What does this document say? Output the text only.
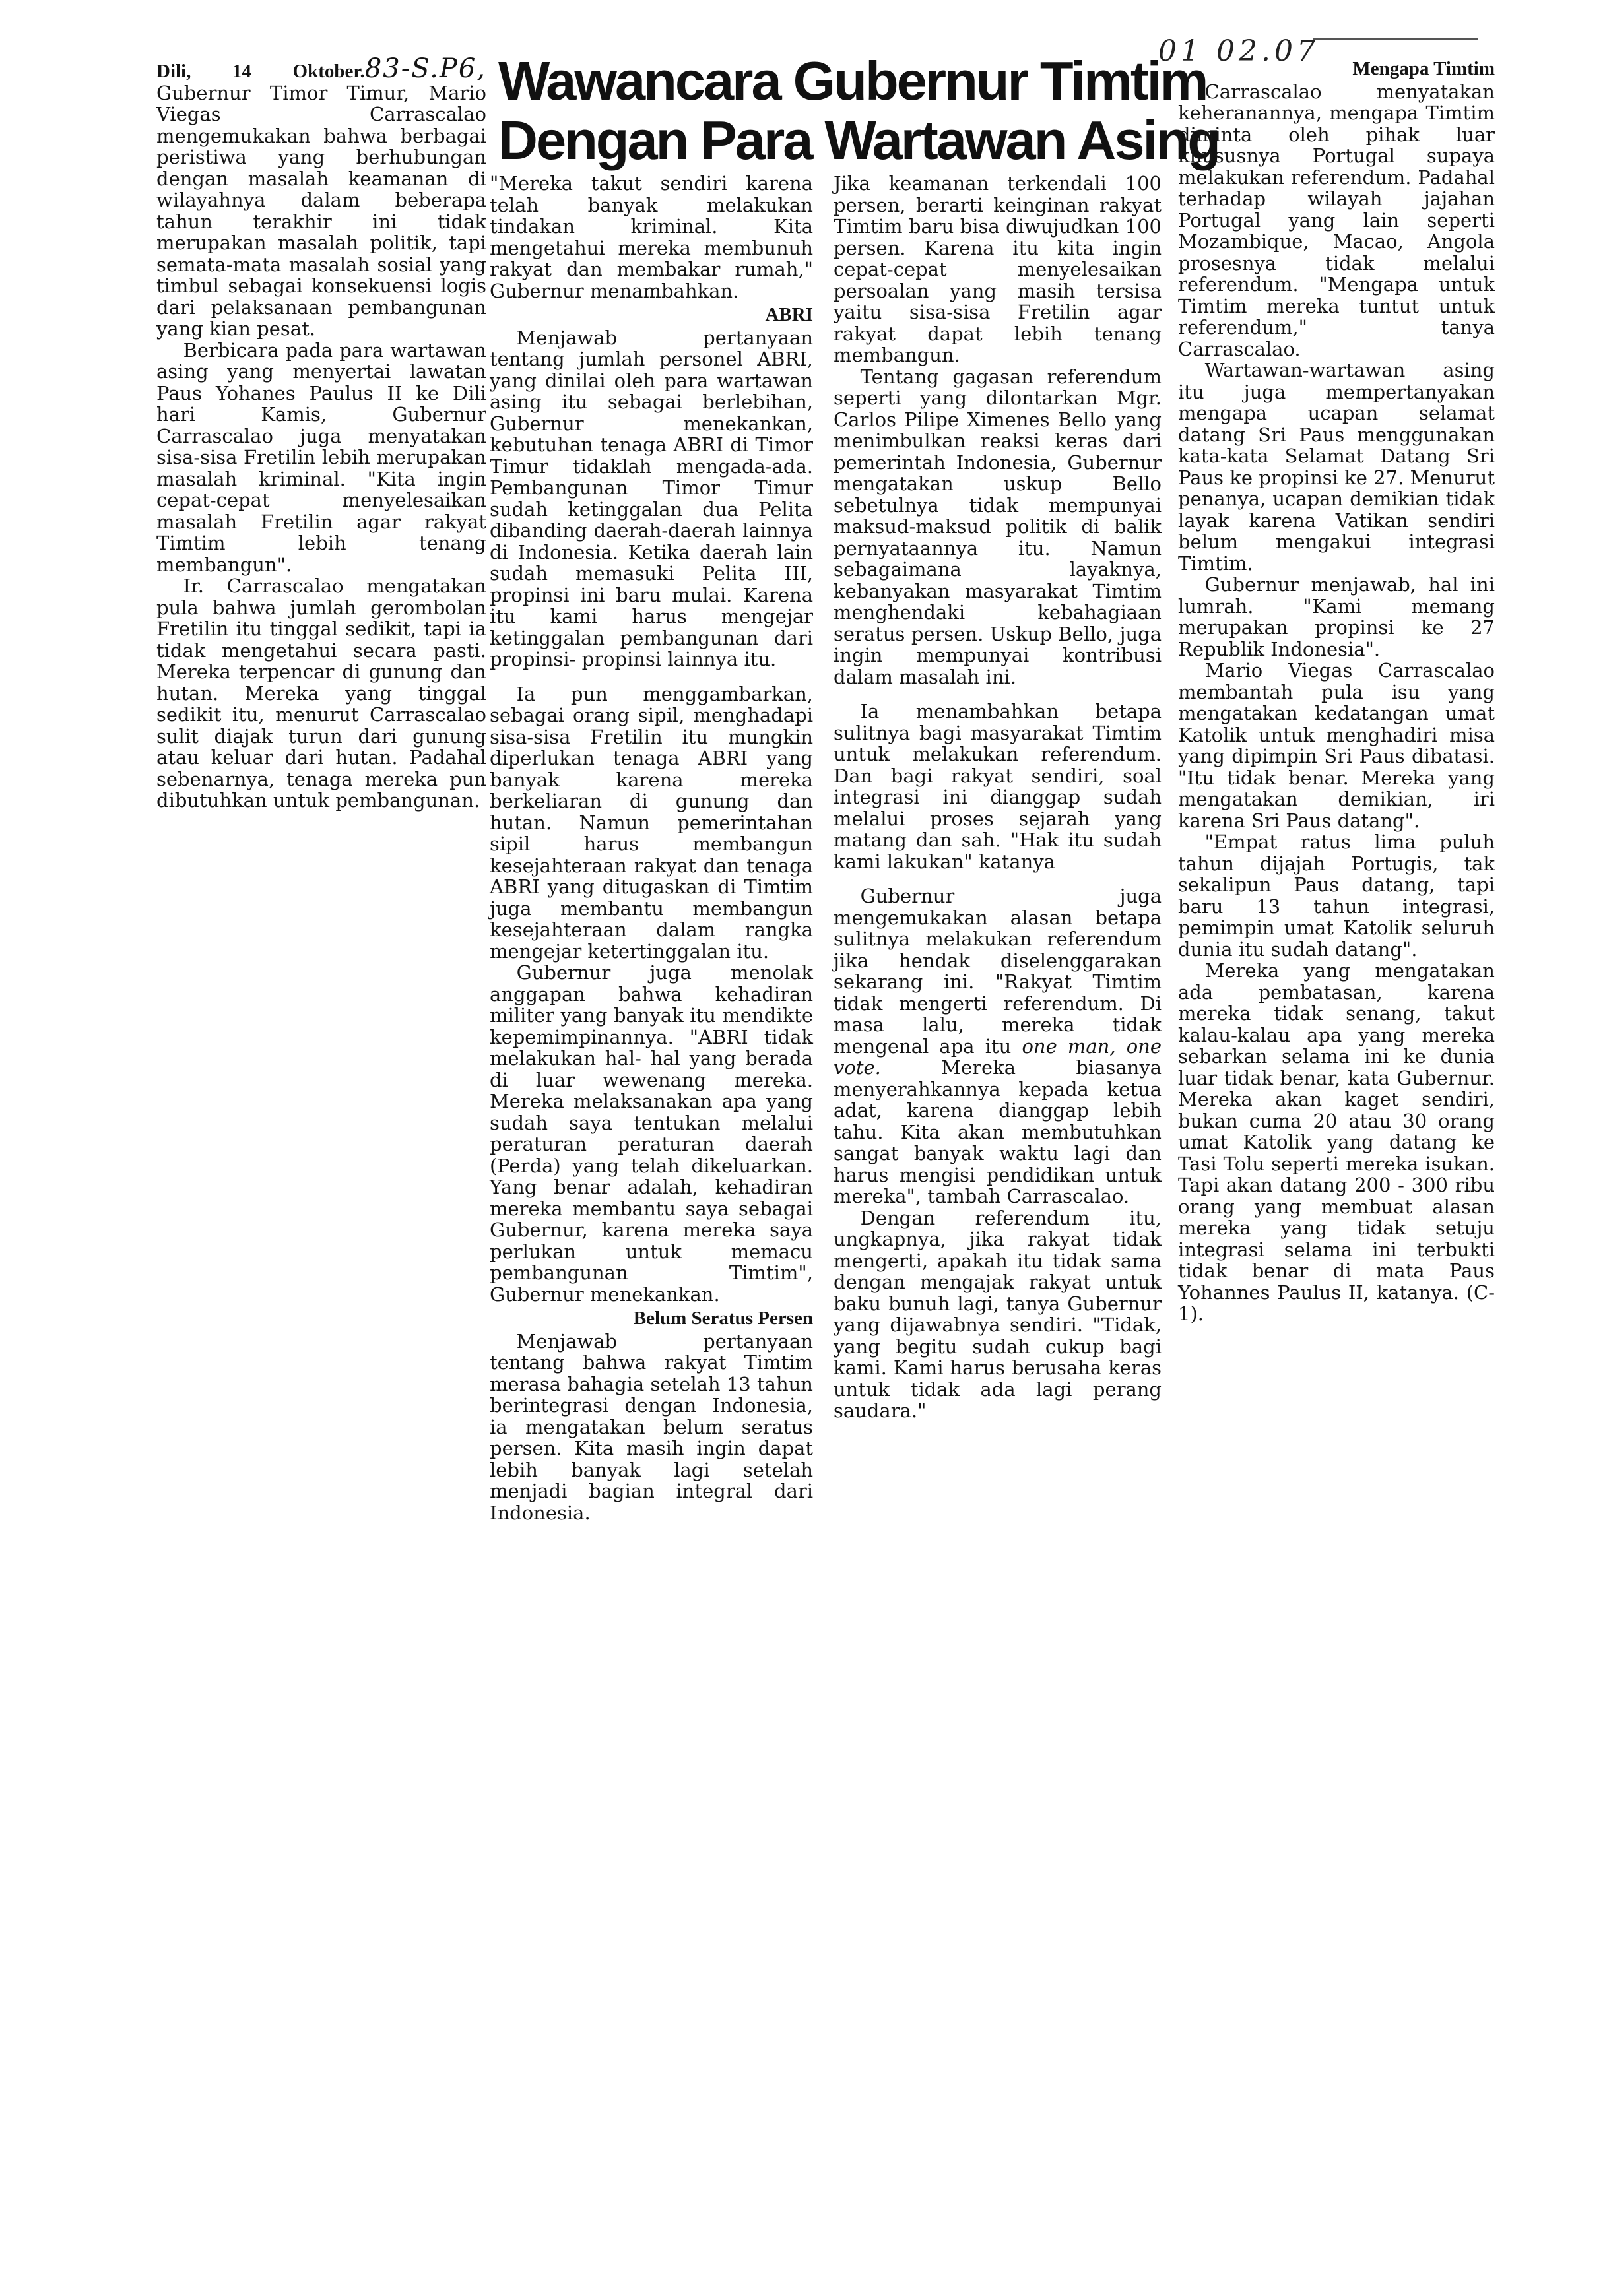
01 02.07
Wawancara Gubernur Timtim
Dengan Para Wartawan Asing

Dili, 14 Oktober.83-S.P6, Gubernur Timor Timur, Mario Viegas Carrascalao mengemukakan bahwa berbagai peristiwa yang berhubungan dengan masalah keamanan di wilayahnya dalam beberapa tahun terakhir ini tidak merupakan masalah politik, tapi semata-mata masalah sosial yang timbul sebagai konsekuensi logis dari pelaksanaan pembangunan yang kian pesat.

Berbicara pada para wartawan asing yang menyertai lawatan Paus Yohanes Paulus II ke Dili hari Kamis, Gubernur Carrascalao juga menyatakan sisa-sisa Fretilin lebih merupakan masalah kriminal. "Kita ingin cepat-cepat menyelesaikan masalah Fretilin agar rakyat Timtim lebih tenang membangun".

Ir. Carrascalao mengatakan pula bahwa jumlah gerombolan Fretilin itu tinggal sedikit, tapi ia tidak mengetahui secara pasti. Mereka terpencar di gunung dan hutan. Mereka yang tinggal sedikit itu, menurut Carrascalao sulit diajak turun dari gunung atau keluar dari hutan. Padahal sebenarnya, tenaga mereka pun dibutuhkan untuk pembangunan.

"Mereka takut sendiri karena telah banyak melakukan tindakan kriminal. Kita mengetahui mereka membunuh rakyat dan membakar rumah," Gubernur menambahkan.

ABRI

Menjawab pertanyaan tentang jumlah personel ABRI, yang dinilai oleh para wartawan asing itu sebagai berlebihan, Gubernur menekankan, kebutuhan tenaga ABRI di Timor Timur tidaklah mengada-ada. Pembangunan Timor Timur sudah ketinggalan dua Pelita dibanding daerah-daerah lainnya di Indonesia. Ketika daerah lain sudah memasuki Pelita III, propinsi ini baru mulai. Karena itu kami harus mengejar ketinggalan pembangunan dari propinsi- propinsi lainnya itu.

Ia pun menggambarkan, sebagai orang sipil, menghadapi sisa-sisa Fretilin itu mungkin diperlukan tenaga ABRI yang banyak karena mereka berkeliaran di gunung dan hutan. Namun pemerintahan sipil harus membangun kesejahteraan rakyat dan tenaga ABRI yang ditugaskan di Timtim juga membantu membangun kesejahteraan dalam rangka mengejar ketertinggalan itu.

Gubernur juga menolak anggapan bahwa kehadiran militer yang banyak itu mendikte kepemimpinannya. "ABRI tidak melakukan hal- hal yang berada di luar wewenang mereka. Mereka melaksanakan apa yang sudah saya tentukan melalui peraturan peraturan daerah (Perda) yang telah dikeluarkan. Yang benar adalah, kehadiran mereka membantu saya sebagai Gubernur, karena mereka saya perlukan untuk memacu pembangunan Timtim", Gubernur menekankan.

Belum Seratus Persen

Menjawab pertanyaan tentang bahwa rakyat Timtim merasa bahagia setelah 13 tahun berintegrasi dengan Indonesia, ia mengatakan belum seratus persen. Kita masih ingin dapat lebih banyak lagi setelah menjadi bagian integral dari Indonesia.

Jika keamanan terkendali 100 persen, berarti keinginan rakyat Timtim baru bisa diwujudkan 100 persen. Karena itu kita ingin cepat-cepat menyelesaikan persoalan yang masih tersisa yaitu sisa-sisa Fretilin agar rakyat dapat lebih tenang membangun.

Tentang gagasan referendum seperti yang dilontarkan Mgr. Carlos Pilipe Ximenes Bello yang menimbulkan reaksi keras dari pemerintah Indonesia, Gubernur mengatakan uskup Bello sebetulnya tidak mempunyai maksud-maksud politik di balik pernyataannya itu. Namun sebagaimana layaknya, kebanyakan masyarakat Timtim menghendaki kebahagiaan seratus persen. Uskup Bello, juga ingin mempunyai kontribusi dalam masalah ini.

Ia menambahkan betapa sulitnya bagi masyarakat Timtim untuk melakukan referendum. Dan bagi rakyat sendiri, soal integrasi ini dianggap sudah melalui proses sejarah yang matang dan sah. "Hak itu sudah kami lakukan" katanya

Gubernur juga mengemukakan alasan betapa sulitnya melakukan referendum jika hendak diselenggarakan sekarang ini. "Rakyat Timtim tidak mengerti referendum. Di masa lalu, mereka tidak mengenal apa itu one man, one vote.	Mereka biasanya menyerahkannya kepada ketua adat, karena dianggap lebih tahu. Kita akan membutuhkan sangat banyak waktu lagi dan harus mengisi pendidikan untuk mereka", tambah Carrascalao.

Dengan referendum itu, ungkapnya, jika rakyat tidak mengerti, apakah itu tidak sama dengan mengajak rakyat untuk baku bunuh lagi, tanya Gubernur yang dijawabnya sendiri. "Tidak, yang begitu sudah cukup bagi kami. Kami harus berusaha keras untuk tidak ada lagi perang saudara."

Mengapa Timtim

Carrascalao menyatakan keheranannya, mengapa Timtim diminta oleh pihak luar khususnya Portugal supaya melakukan referendum. Padahal terhadap wilayah jajahan Portugal yang lain seperti Mozambique, Macao, Angola prosesnya tidak melalui referendum. "Mengapa untuk Timtim mereka tuntut untuk referendum," tanya Carrascalao.

Wartawan-wartawan asing itu juga mempertanyakan mengapa ucapan selamat datang Sri Paus menggunakan kata-kata Selamat Datang Sri Paus ke propinsi ke 27. Menurut penanya, ucapan demikian tidak layak karena Vatikan sendiri belum mengakui integrasi Timtim.

Gubernur menjawab, hal ini lumrah. "Kami memang merupakan propinsi ke 27 Republik Indonesia".

Mario Viegas Carrascalao membantah pula isu yang mengatakan kedatangan umat Katolik untuk menghadiri misa yang dipimpin Sri Paus dibatasi. "Itu tidak benar. Mereka yang mengatakan demikian, iri karena Sri Paus datang".

"Empat ratus lima puluh tahun dijajah Portugis, tak sekalipun Paus datang, tapi baru 13 tahun integrasi, pemimpin umat Katolik seluruh dunia itu sudah datang".

Mereka yang mengatakan ada pembatasan, karena mereka tidak senang, takut kalau-kalau apa yang mereka sebarkan selama ini ke dunia luar tidak benar, kata Gubernur. Mereka akan kaget sendiri, bukan cuma 20 atau 30 orang umat Katolik yang datang ke Tasi Tolu seperti mereka isukan. Tapi akan datang 200 - 300 ribu orang yang membuat alasan mereka yang tidak setuju integrasi selama ini terbukti tidak benar di mata Paus Yohannes Paulus II, katanya. (C-1).
